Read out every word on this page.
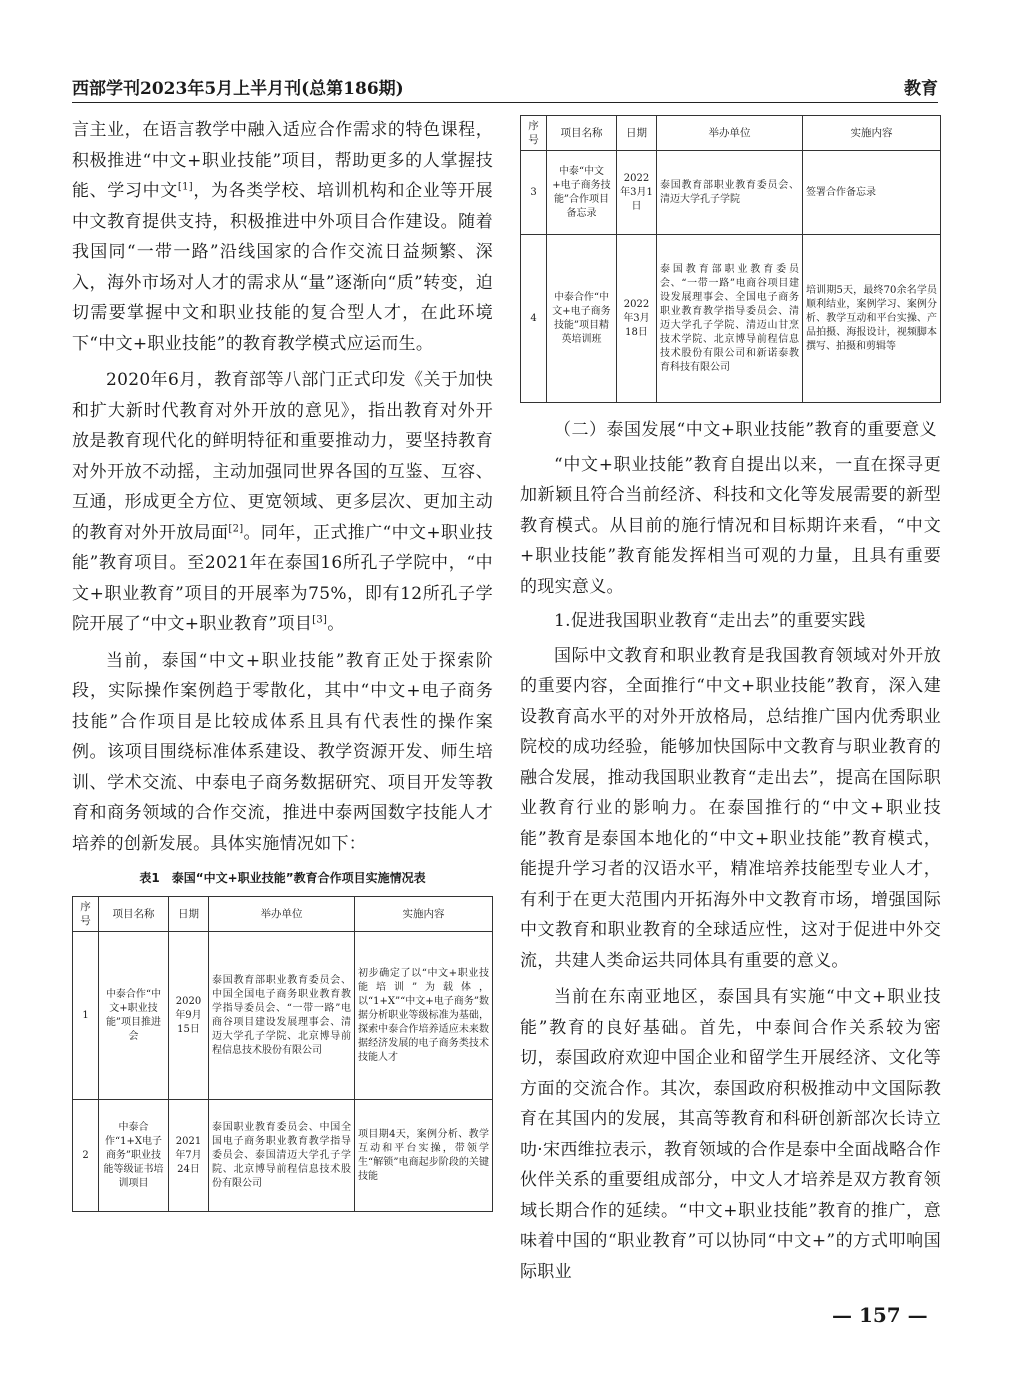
西部学刊2023年5月上半月刊(总第186期)	教育

言主业，在语言教学中融入适应合作需求的特色课程，积极推进“中文+职业技能”项目，帮助更多的人掌握技能、学习中文[1]，为各类学校、培训机构和企业等开展中文教育提供支持，积极推进中外项目合作建设。随着我国同“一带一路”沿线国家的合作交流日益频繁、深入，海外市场对人才的需求从“量”逐渐向“质”转变，迫切需要掌握中文和职业技能的复合型人才，在此环境下“中文+职业技能”的教育教学模式应运而生。

2020年6月，教育部等八部门正式印发《关于加快和扩大新时代教育对外开放的意见》，指出教育对外开放是教育现代化的鲜明特征和重要推动力，要坚持教育对外开放不动摇，主动加强同世界各国的互鉴、互容、互通，形成更全方位、更宽领域、更多层次、更加主动的教育对外开放局面[2]。同年，正式推广“中文+职业技能”教育项目。至2021年在泰国16所孔子学院中，“中文+职业教育”项目的开展率为75%，即有12所孔子学院开展了“中文+职业教育”项目[3]。

当前，泰国“中文+职业技能”教育正处于探索阶段，实际操作案例趋于零散化，其中“中文+电子商务技能”合作项目是比较成体系且具有代表性的操作案例。该项目围绕标准体系建设、教学资源开发、师生培训、学术交流、中泰电子商务数据研究、项目开发等教育和商务领域的合作交流，推进中泰两国数字技能人才培养的创新发展。具体实施情况如下：

表1　泰国“中文+职业技能”教育合作项目实施情况表
序号	项目名称	日期	举办单位	实施内容
1	中泰合作“中文+职业技能”项目推进会	2020年9月15日	泰国教育部职业教育委员会、中国全国电子商务职业教育教学指导委员会、“一带一路”电商谷项目建设发展理事会、清迈大学孔子学院、北京博导前程信息技术股份有限公司	初步确定了以“中文+职业技能培训”为载体，以“1+X”“中文+电子商务”数据分析职业等级标准为基础，探索中泰合作培养适应未来数据经济发展的电子商务类技术技能人才
2	中泰合作“1+X电子商务”职业技能等级证书培训项目	2021年7月24日	泰国职业教育委员会、中国全国电子商务职业教育教学指导委员会、泰国清迈大学孔子学院、北京博导前程信息技术股份有限公司	项目期4天，案例分析、教学互动和平台实操，带领学生“解锁”电商起步阶段的关键技能
序号	项目名称	日期	举办单位	实施内容
3	中泰“中文+电子商务技能”合作项目备忘录	2022年3月1日	泰国教育部职业教育委员会、清迈大学孔子学院	签署合作备忘录
4	中泰合作“中文+电子商务技能”项目精英培训班	2022年3月18日	泰国教育部职业教育委员会、“一带一路”电商谷项目建设发展理事会、全国电子商务职业教育教学指导委员会、清迈大学孔子学院、清迈山甘烹技术学院、北京博导前程信息技术股份有限公司和新诺泰教育科技有限公司	培训期5天，最终70余名学员顺利结业，案例学习、案例分析、教学互动和平台实操、产品拍摄、海报设计，视频脚本撰写、拍摄和剪辑等

（二）泰国发展“中文+职业技能”教育的重要意义

“中文+职业技能”教育自提出以来，一直在探寻更加新颖且符合当前经济、科技和文化等发展需要的新型教育模式。从目前的施行情况和目标期许来看，“中文+职业技能”教育能发挥相当可观的力量，且具有重要的现实意义。

1.促进我国职业教育“走出去”的重要实践

国际中文教育和职业教育是我国教育领域对外开放的重要内容，全面推行“中文+职业技能”教育，深入建设教育高水平的对外开放格局，总结推广国内优秀职业院校的成功经验，能够加快国际中文教育与职业教育的融合发展，推动我国职业教育“走出去”，提高在国际职业教育行业的影响力。在泰国推行的“中文+职业技能”教育是泰国本地化的“中文+职业技能”教育模式，能提升学习者的汉语水平，精准培养技能型专业人才，有利于在更大范围内开拓海外中文教育市场，增强国际中文教育和职业教育的全球适应性，这对于促进中外交流，共建人类命运共同体具有重要的意义。

当前在东南亚地区，泰国具有实施“中文+职业技能”教育的良好基础。首先，中泰间合作关系较为密切，泰国政府欢迎中国企业和留学生开展经济、文化等方面的交流合作。其次，泰国政府积极推动中文国际教育在其国内的发展，其高等教育和科研创新部次长诗立叻·宋西维拉表示，教育领域的合作是泰中全面战略合作伙伴关系的重要组成部分，中文人才培养是双方教育领域长期合作的延续。“中文+职业技能”教育的推广，意味着中国的“职业教育”可以协同“中文+”的方式叩响国际职业

— 157 —
